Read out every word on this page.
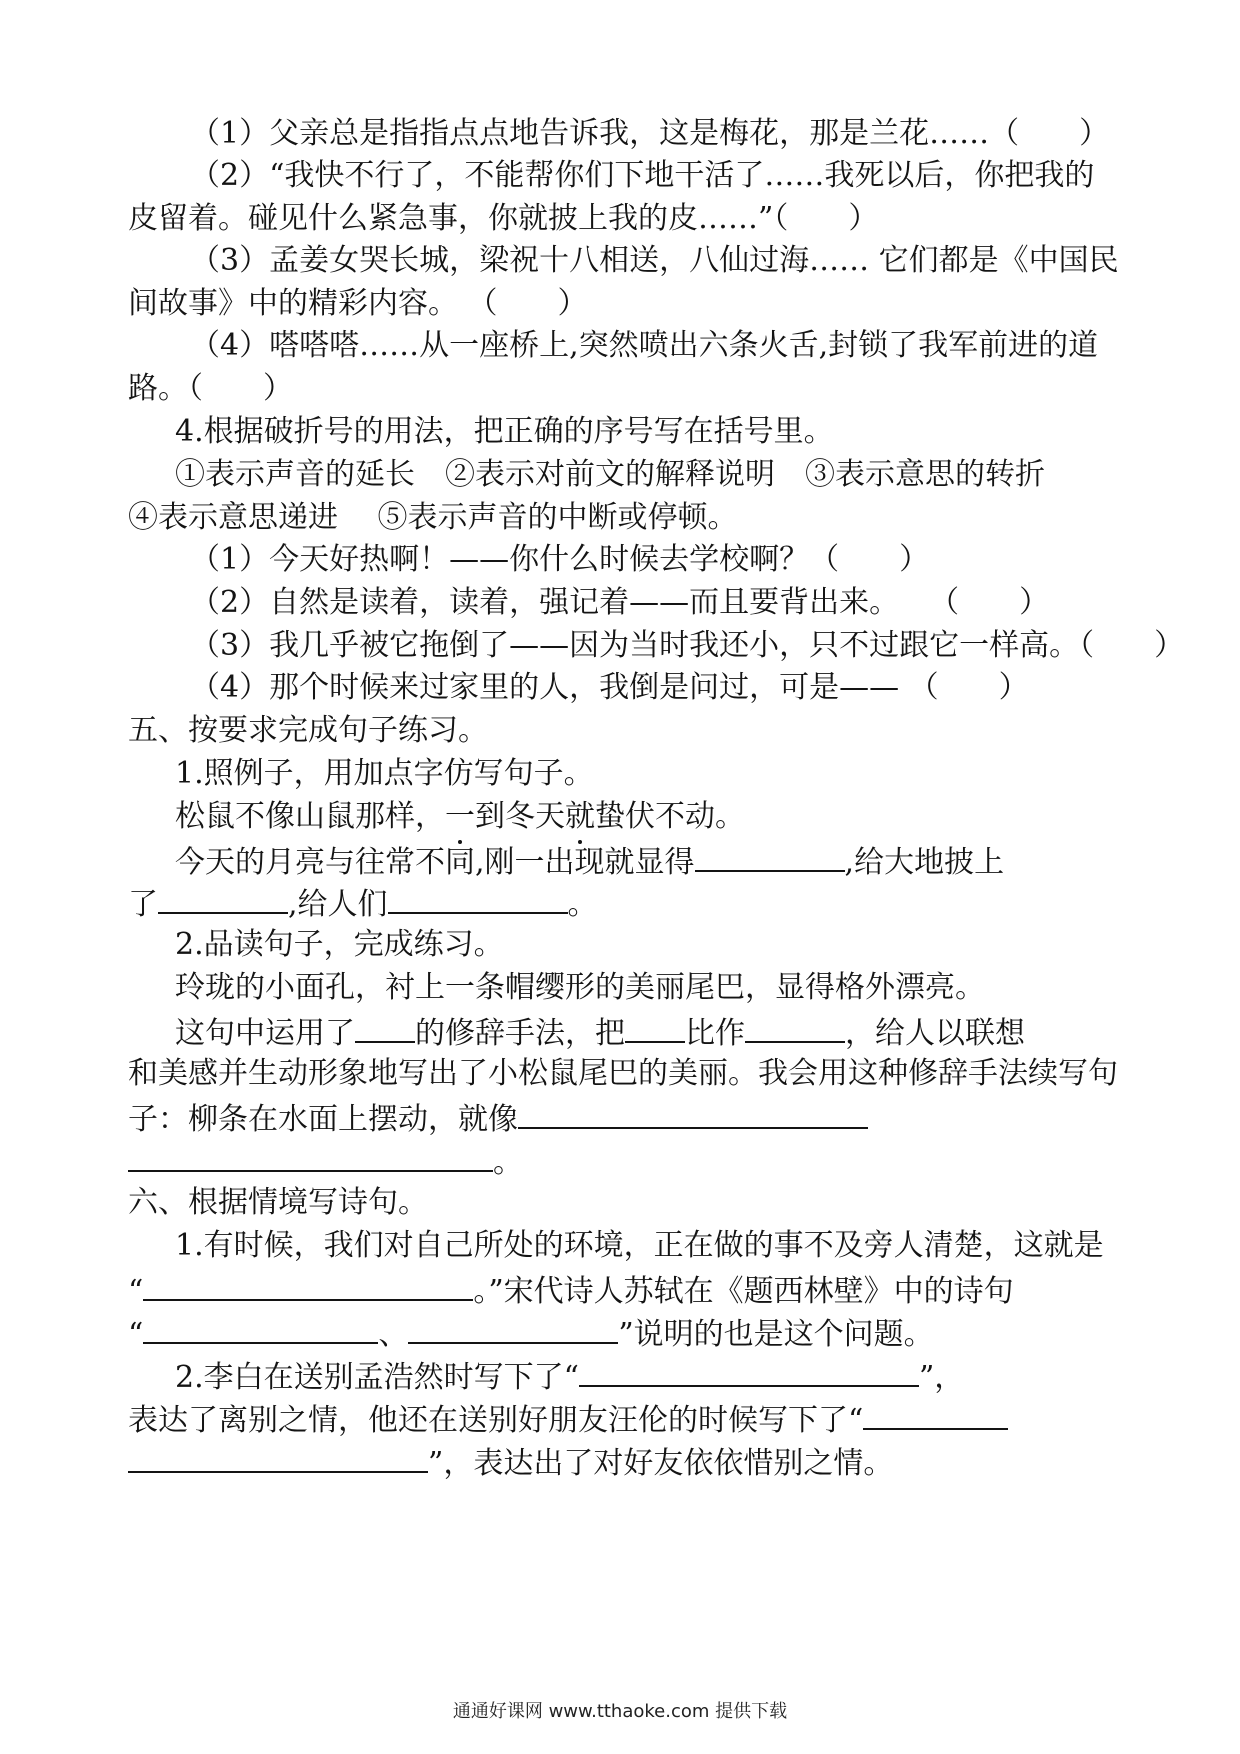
（1）父亲总是指指点点地告诉我，这是梅花，那是兰花……（　　）
（2）“我快不行了，不能帮你们下地干活了……我死以后，你把我的
皮留着。碰见什么紧急事，你就披上我的皮……”（　　）
（3）孟姜女哭长城，梁祝十八相送，八仙过海…… 它们都是《中国民
间故事》中的精彩内容。 （　　）
（4）嗒嗒嗒……从一座桥上,突然喷出六条火舌,封锁了我军前进的道
路。（　　）
4.根据破折号的用法，把正确的序号写在括号里。
①表示声音的延长　②表示对前文的解释说明　③表示意思的转折
④表示意思递进　 ⑤表示声音的中断或停顿。
（1）今天好热啊！——你什么时候去学校啊？（　　）
（2）自然是读着，读着，强记着——而且要背出来。　　（　　）
（3）我几乎被它拖倒了——因为当时我还小，只不过跟它一样高。（　　）
（4）那个时候来过家里的人，我倒是问过，可是—— （　　）
五、按要求完成句子练习。
1.照例子，用加点字仿写句子。
松鼠不像山鼠那样，一到冬天就蛰伏不动。
今天的月亮与往常不同,刚一出现就显得	,给大地披上
了	,给人们	。
2.品读句子，完成练习。
玲珑的小面孔，衬上一条帽缨形的美丽尾巴，显得格外漂亮。
这句中运用了 的修辞手法，把 比作	，给人以联想
和美感并生动形象地写出了小松鼠尾巴的美丽。我会用这种修辞手法续写句
子：柳条在水面上摆动，就像
。
六、根据情境写诗句。
1.有时候，我们对自己所处的环境，正在做的事不及旁人清楚，这就是
“	。”宋代诗人苏轼在《题西林壁》中的诗句
“	、	”说明的也是这个问题。
2.李白在送别孟浩然时写下了“	”，
表达了离别之情，他还在送别好朋友汪伦的时候写下了“
”，表达出了对好友依依惜别之情。
通通好课网 www.tthaoke.com 提供下载
